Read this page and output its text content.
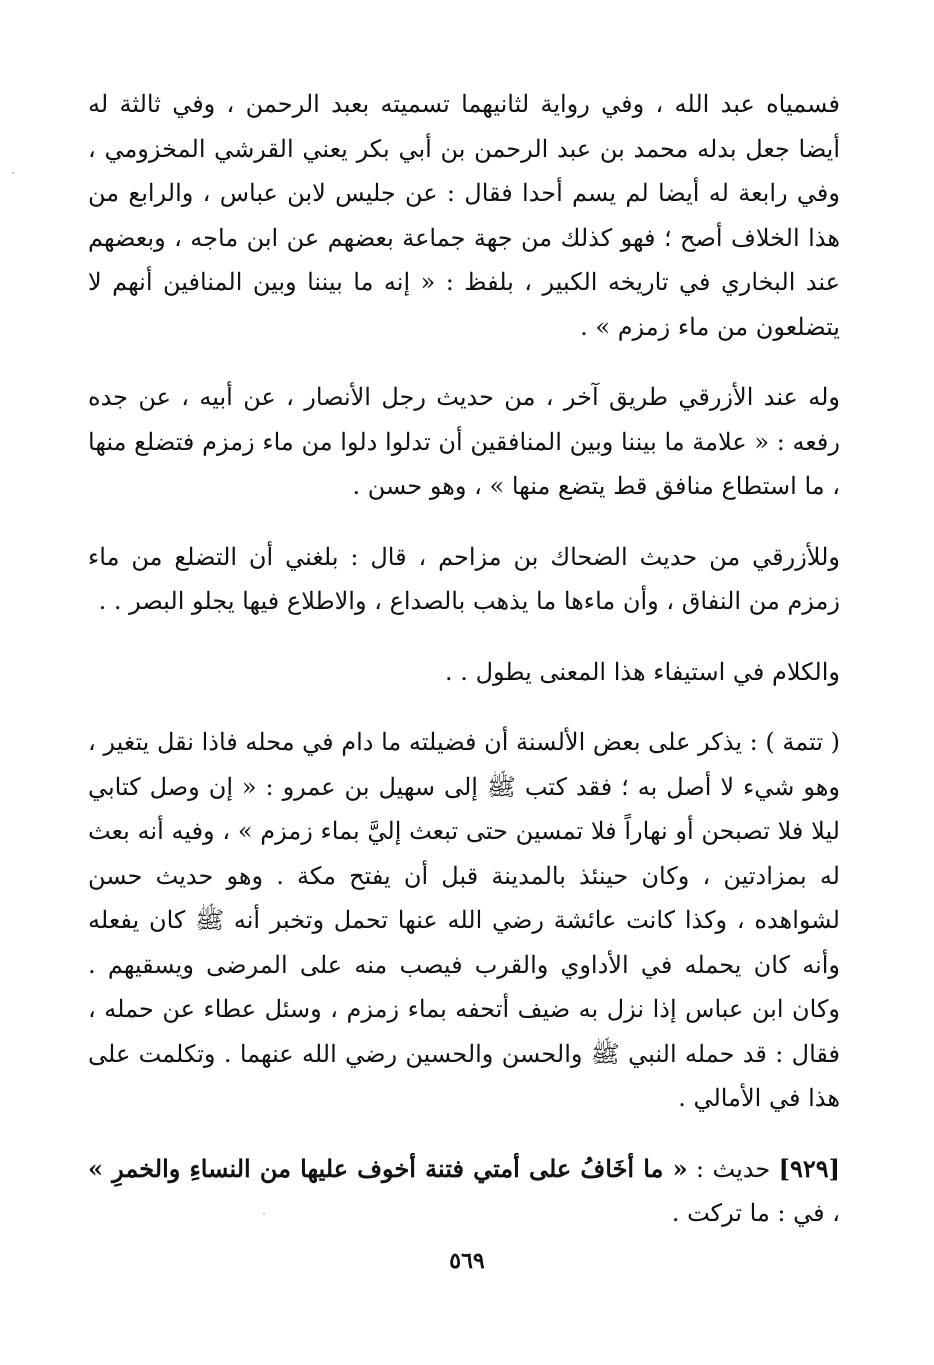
فسمياه عبد الله ، وفي رواية لثانيهما تسميته بعبد الرحمن ، وفي ثالثة له أيضا جعل بدله محمد بن عبد الرحمن بن أبي بكر يعني القرشي المخزومي ، وفي رابعة له أيضا لم يسم أحدا فقال : عن جليس لابن عباس ، والرابع من هذا الخلاف أصح ؛ فهو كذلك من جهة جماعة بعضهم عن ابن ماجه ، وبعضهم عند البخاري في تاريخه الكبير ، بلفظ : « إنه ما بيننا وبين المنافين أنهم لا يتضلعون من ماء زمزم » .

وله عند الأزرقي طريق آخر ، من حديث رجل الأنصار ، عن أبيه ، عن جده رفعه : « علامة ما بيننا وبين المنافقين أن تدلوا دلوا من ماء زمزم فتضلع منها ، ما استطاع منافق قط يتضع منها » ، وهو حسن .

وللأزرقي من حديث الضحاك بن مزاحم ، قال : بلغني أن التضلع من ماء زمزم من النفاق ، وأن ماءها ما يذهب بالصداع ، والاطلاع فيها يجلو البصر . .

والكلام في استيفاء هذا المعنى يطول . .

( تتمة ) : يذكر على بعض الألسنة أن فضيلته ما دام في محله فاذا نقل يتغير ، وهو شيء لا أصل به ؛ فقد كتب ﷺ إلى سهيل بن عمرو : « إن وصل كتابي ليلا فلا تصبحن أو نهاراً فلا تمسين حتى تبعث إليَّ بماء زمزم » ، وفيه أنه بعث له بمزادتين ، وكان حينئذ بالمدينة قبل أن يفتح مكة . وهو حديث حسن لشواهده ، وكذا كانت عائشة رضي الله عنها تحمل وتخبر أنه ﷺ كان يفعله وأنه كان يحمله في الأداوي والقرب فيصب منه على المرضى ويسقيهم . وكان ابن عباس إذا نزل به ضيف أتحفه بماء زمزم ، وسئل عطاء عن حمله ، فقال : قد حمله النبي ﷺ والحسن والحسين رضي الله عنهما . وتكلمت على هذا في الأمالي .

[٩٢٩] حديث : « ما أخَافُ على أمتي فتنة أخوف عليها من النساءِ والخمرِ » ، في : ما تركت .

٥٦٩
